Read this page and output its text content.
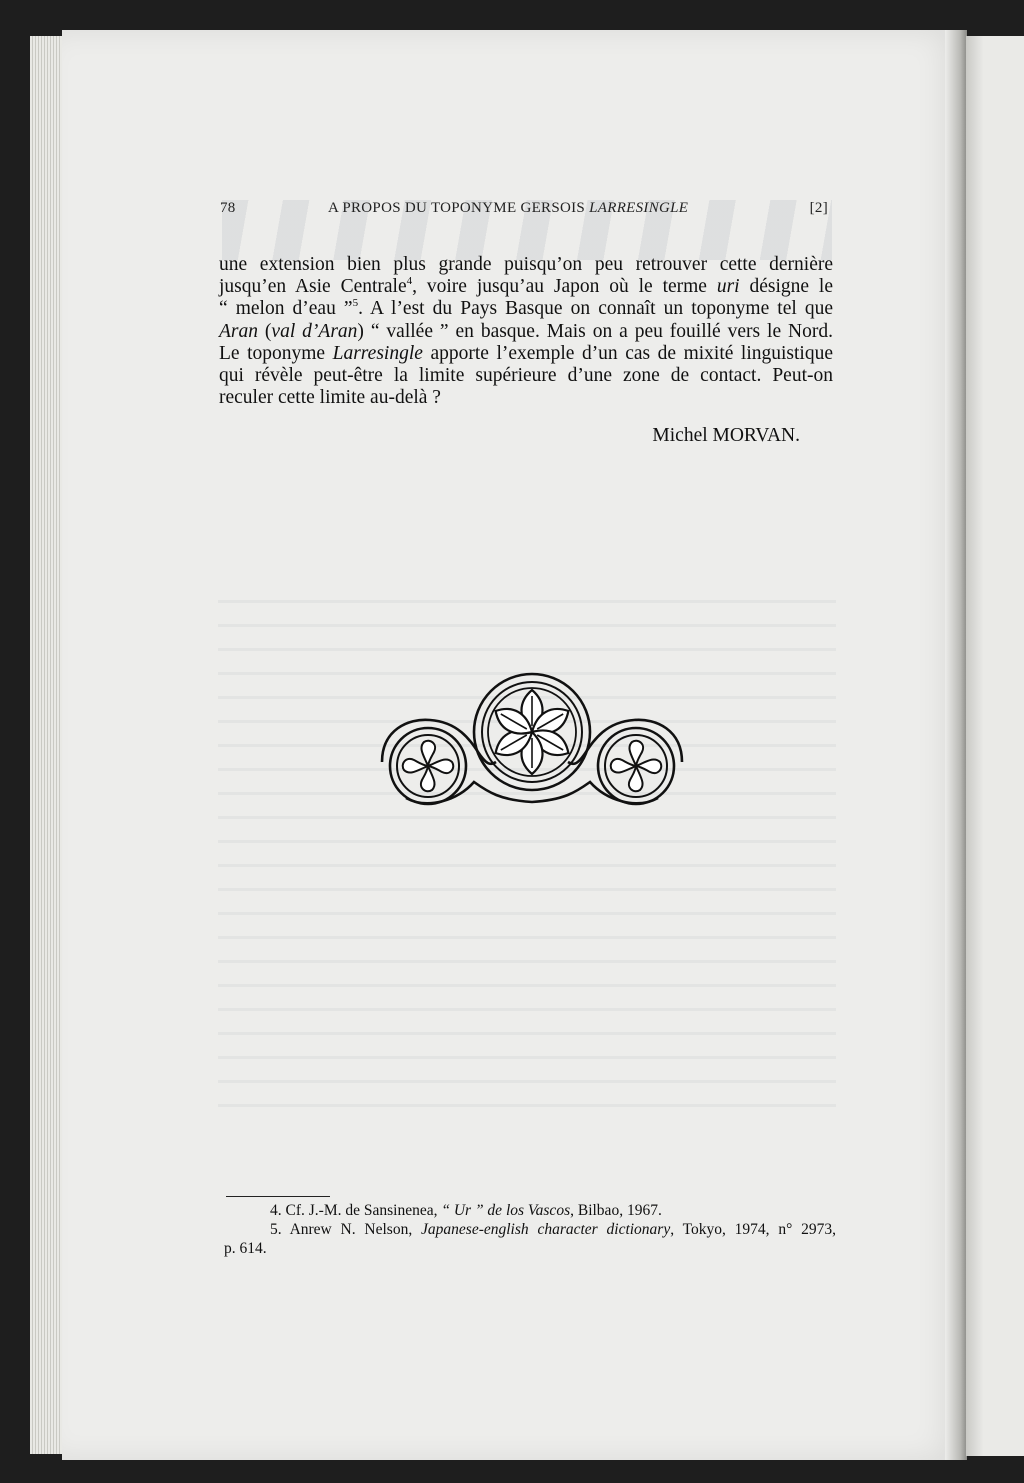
78	A PROPOS DU TOPONYME GERSOIS LARRESINGLE	[2]
une extension bien plus grande puisqu’on peu retrouver cette dernière
jusqu’en Asie Centrale$^4$, voire jusqu’au Japon où le terme uri désigne le
“ melon d’eau ”$^5$. A l’est du Pays Basque on connaît un toponyme tel que
Aran (val d’Aran) “ vallée ” en basque. Mais on a peu fouillé vers le Nord.
Le toponyme Larresingle apporte l’exemple d’un cas de mixité linguistique
qui révèle peut-être la limite supérieure d’une zone de contact. Peut-on
reculer cette limite au-delà ?
Michel MORVAN.
4. Cf. J.-M. de Sansinenea, “ Ur ” de los Vascos, Bilbao, 1967.
5. Anrew N. Nelson, Japanese-english character dictionary, Tokyo, 1974, n° 2973,
p. 614.
